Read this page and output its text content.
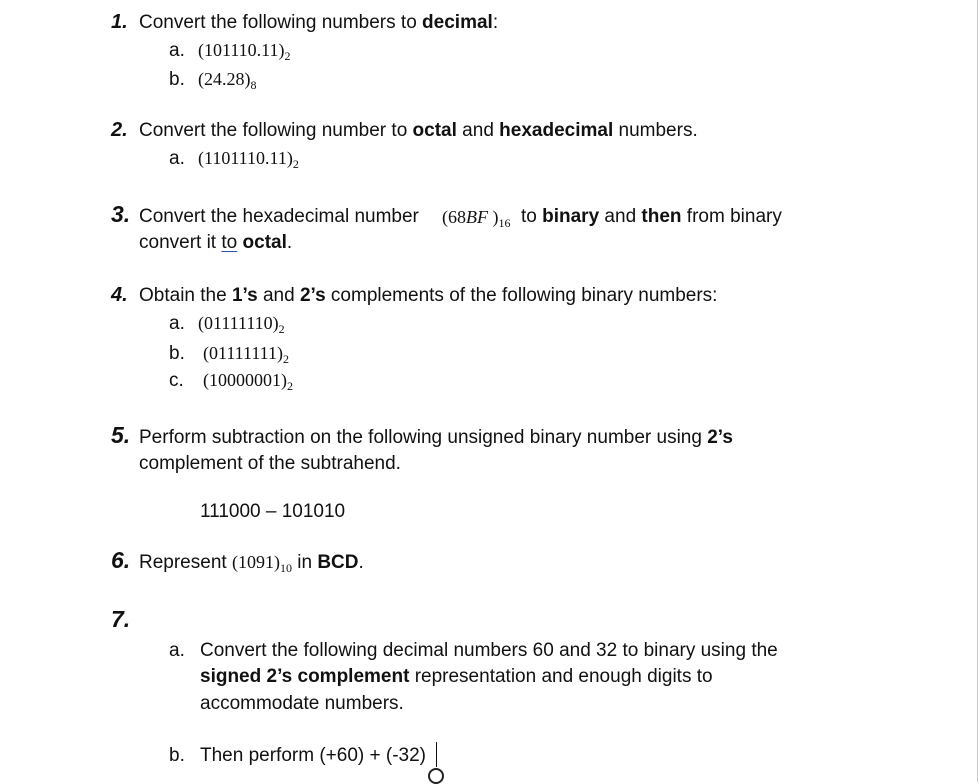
1. Convert the following numbers to decimal:
a. $(101110.11)_2$
b. $(24.28)_8$
2. Convert the following number to octal and hexadecimal numbers.
a. $(1101110.11)_2$
3. Convert the hexadecimal number (68BF )$_{16}$ to binary and then from binary
convert it to octal.
4. Obtain the 1’s and 2’s complements of the following binary numbers:
a. $(01111110)_2$
b. $(01111111)_2$
c. $(10000001)_2$
5. Perform subtraction on the following unsigned binary number using 2’s
complement of the subtrahend.
111000 – 101010
6. Represent $(1091)_{10}$ in BCD.
7.
a. Convert the following decimal numbers 60 and 32 to binary using the
signed 2’s complement representation and enough digits to
accommodate numbers.
b. Then perform (+60) + (-32)
